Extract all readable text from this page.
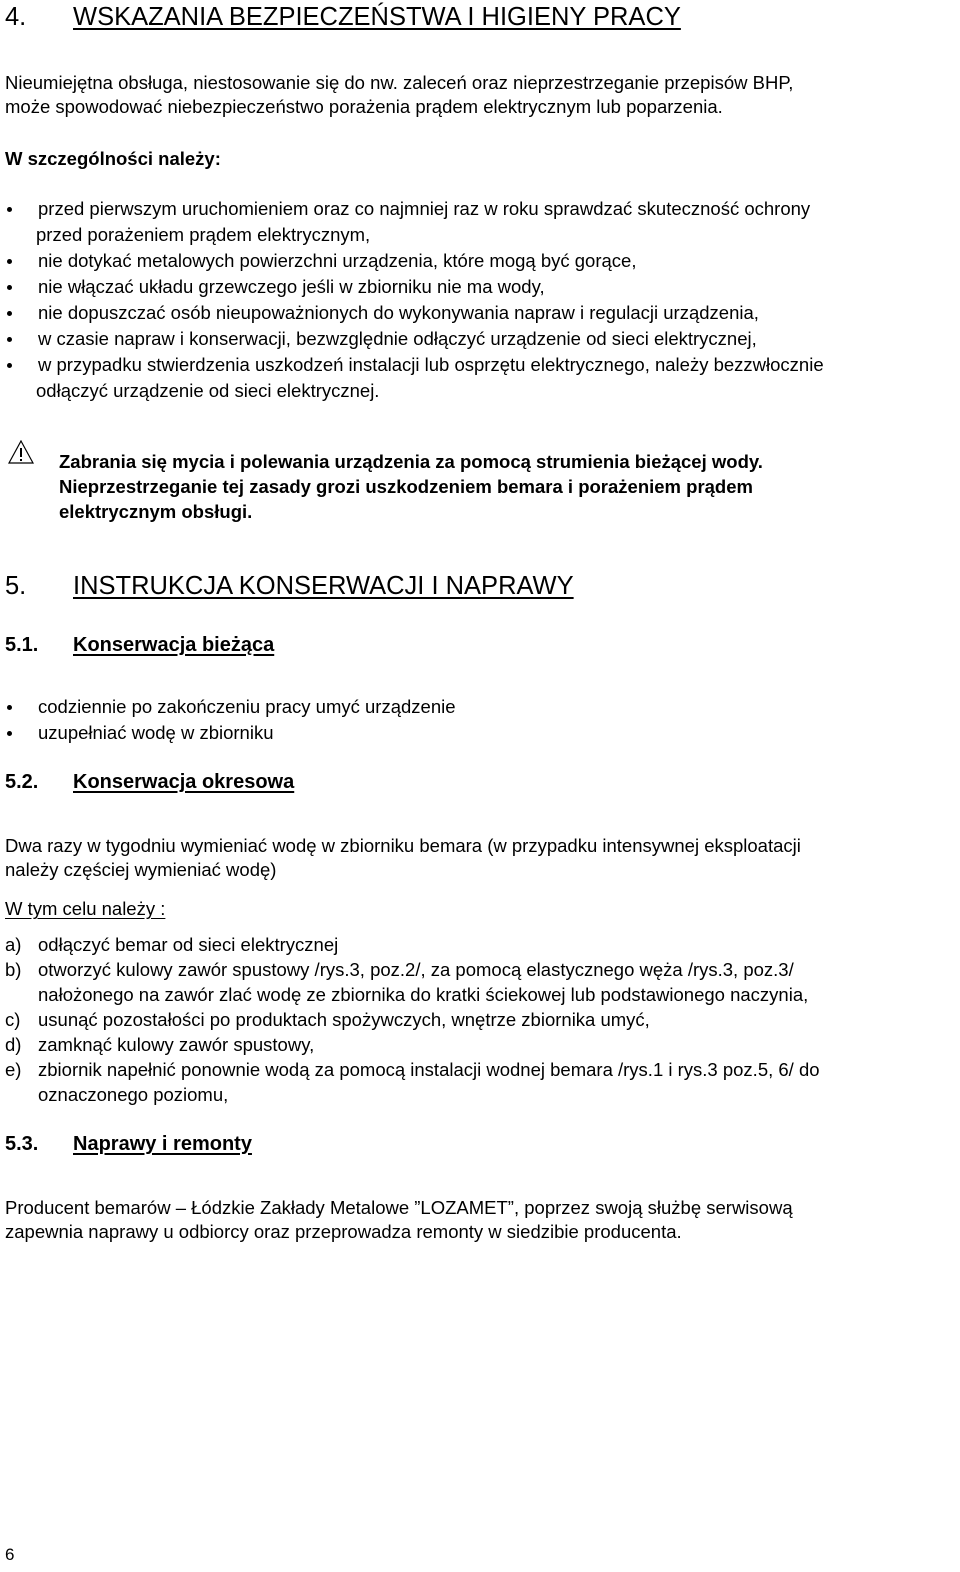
4. WSKAZANIA BEZPIECZEŃSTWA I HIGIENY PRACY

Nieumiejętna obsługa, niestosowanie się do nw. zaleceń oraz nieprzestrzeganie przepisów BHP,
może spowodować niebezpieczeństwo porażenia prądem elektrycznym lub poparzenia.

W szczególności należy:

przed pierwszym uruchomieniem oraz co najmniej raz w roku sprawdzać skuteczność ochrony
przed porażeniem prądem elektrycznym,
nie dotykać metalowych powierzchni urządzenia, które mogą być gorące,
nie włączać układu grzewczego jeśli w zbiorniku nie ma wody,
nie dopuszczać osób nieupoważnionych do wykonywania napraw i regulacji urządzenia,
w czasie napraw i konserwacji, bezwzględnie odłączyć urządzenie od sieci elektrycznej,
w przypadku stwierdzenia uszkodzeń instalacji lub osprzętu elektrycznego, należy bezzwłocznie
odłączyć urządzenie od sieci elektrycznej.

Zabrania się mycia i polewania urządzenia za pomocą strumienia bieżącej wody.
Nieprzestrzeganie tej zasady grozi uszkodzeniem bemara i porażeniem prądem
elektrycznym obsługi.

5. INSTRUKCJA KONSERWACJI I NAPRAWY
5.1. Konserwacja bieżąca
codziennie po zakończeniu pracy umyć urządzenie
uzupełniać wodę w zbiorniku
5.2. Konserwacja okresowa

Dwa razy w tygodniu wymieniać wodę w zbiorniku bemara (w przypadku intensywnej eksploatacji
należy częściej wymieniać wodę)

W tym celu należy :

a) odłączyć bemar od sieci elektrycznej
b) otworzyć kulowy zawór spustowy /rys.3, poz.2/, za pomocą elastycznego węża /rys.3, poz.3/
nałożonego na zawór zlać wodę ze zbiornika do kratki ściekowej lub podstawionego naczynia,
c) usunąć pozostałości po produktach spożywczych, wnętrze zbiornika umyć,
d) zamknąć kulowy zawór spustowy,
e) zbiornik napełnić ponownie wodą za pomocą instalacji wodnej bemara /rys.1 i rys.3 poz.5, 6/ do
oznaczonego poziomu,
5.3. Naprawy i remonty

Producent bemarów – Łódzkie Zakłady Metalowe ”LOZAMET”, poprzez swoją służbę serwisową
zapewnia naprawy u odbiorcy oraz przeprowadza remonty w siedzibie producenta.

6
